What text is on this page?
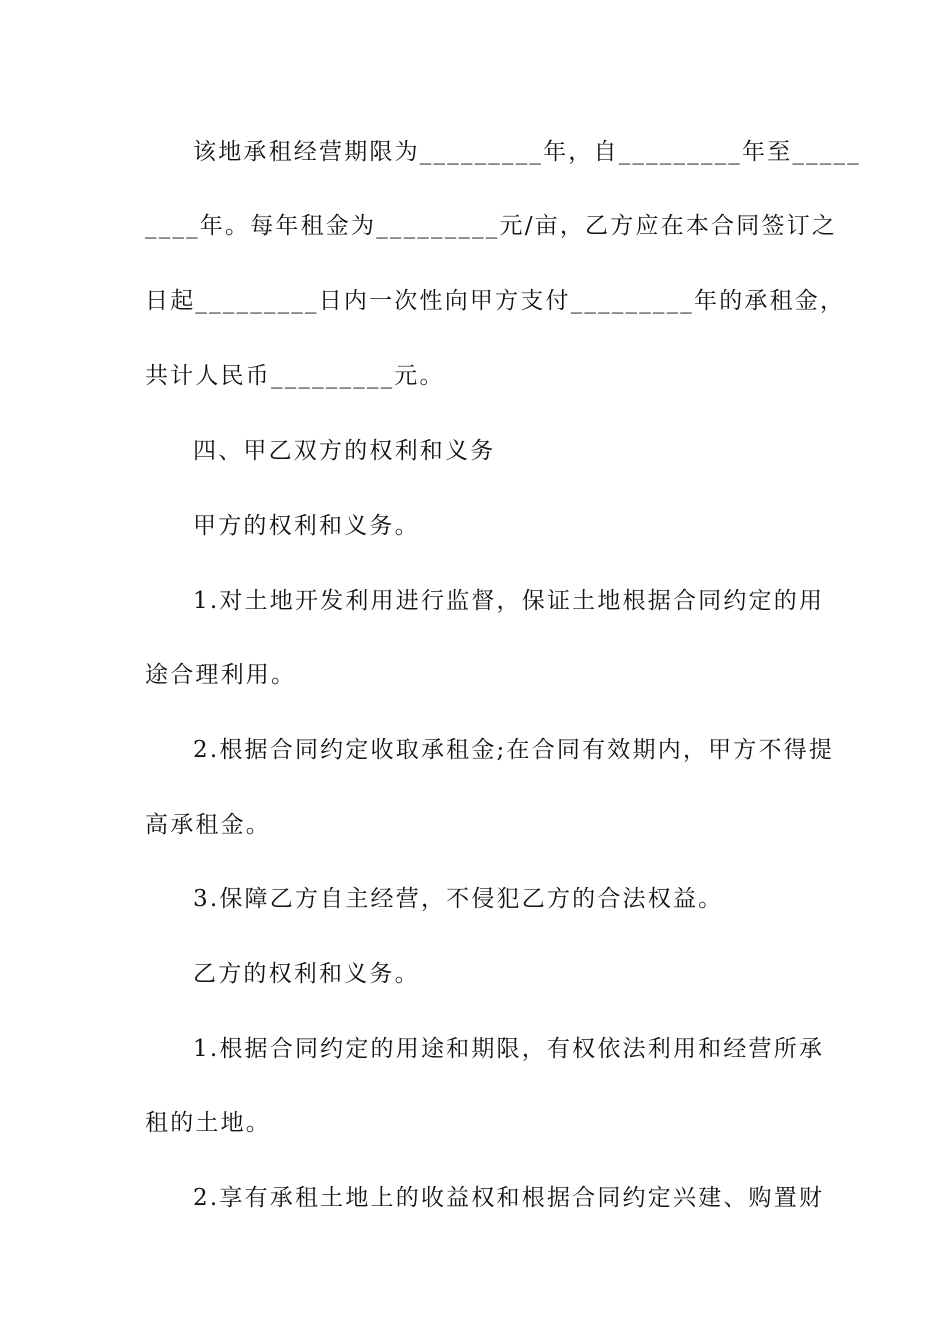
该地承租经营期限为_________年，自_________年至_____
____年。每年租金为_________元/亩，乙方应在本合同签订之
日起_________日内一次性向甲方支付_________年的承租金，
共计人民币_________元。
四、甲乙双方的权利和义务
甲方的权利和义务。
1.对土地开发利用进行监督，保证土地根据合同约定的用
途合理利用。
2.根据合同约定收取承租金;在合同有效期内，甲方不得提
高承租金。
3.保障乙方自主经营，不侵犯乙方的合法权益。
乙方的权利和义务。
1.根据合同约定的用途和期限，有权依法利用和经营所承
租的土地。
2.享有承租土地上的收益权和根据合同约定兴建、购置财
